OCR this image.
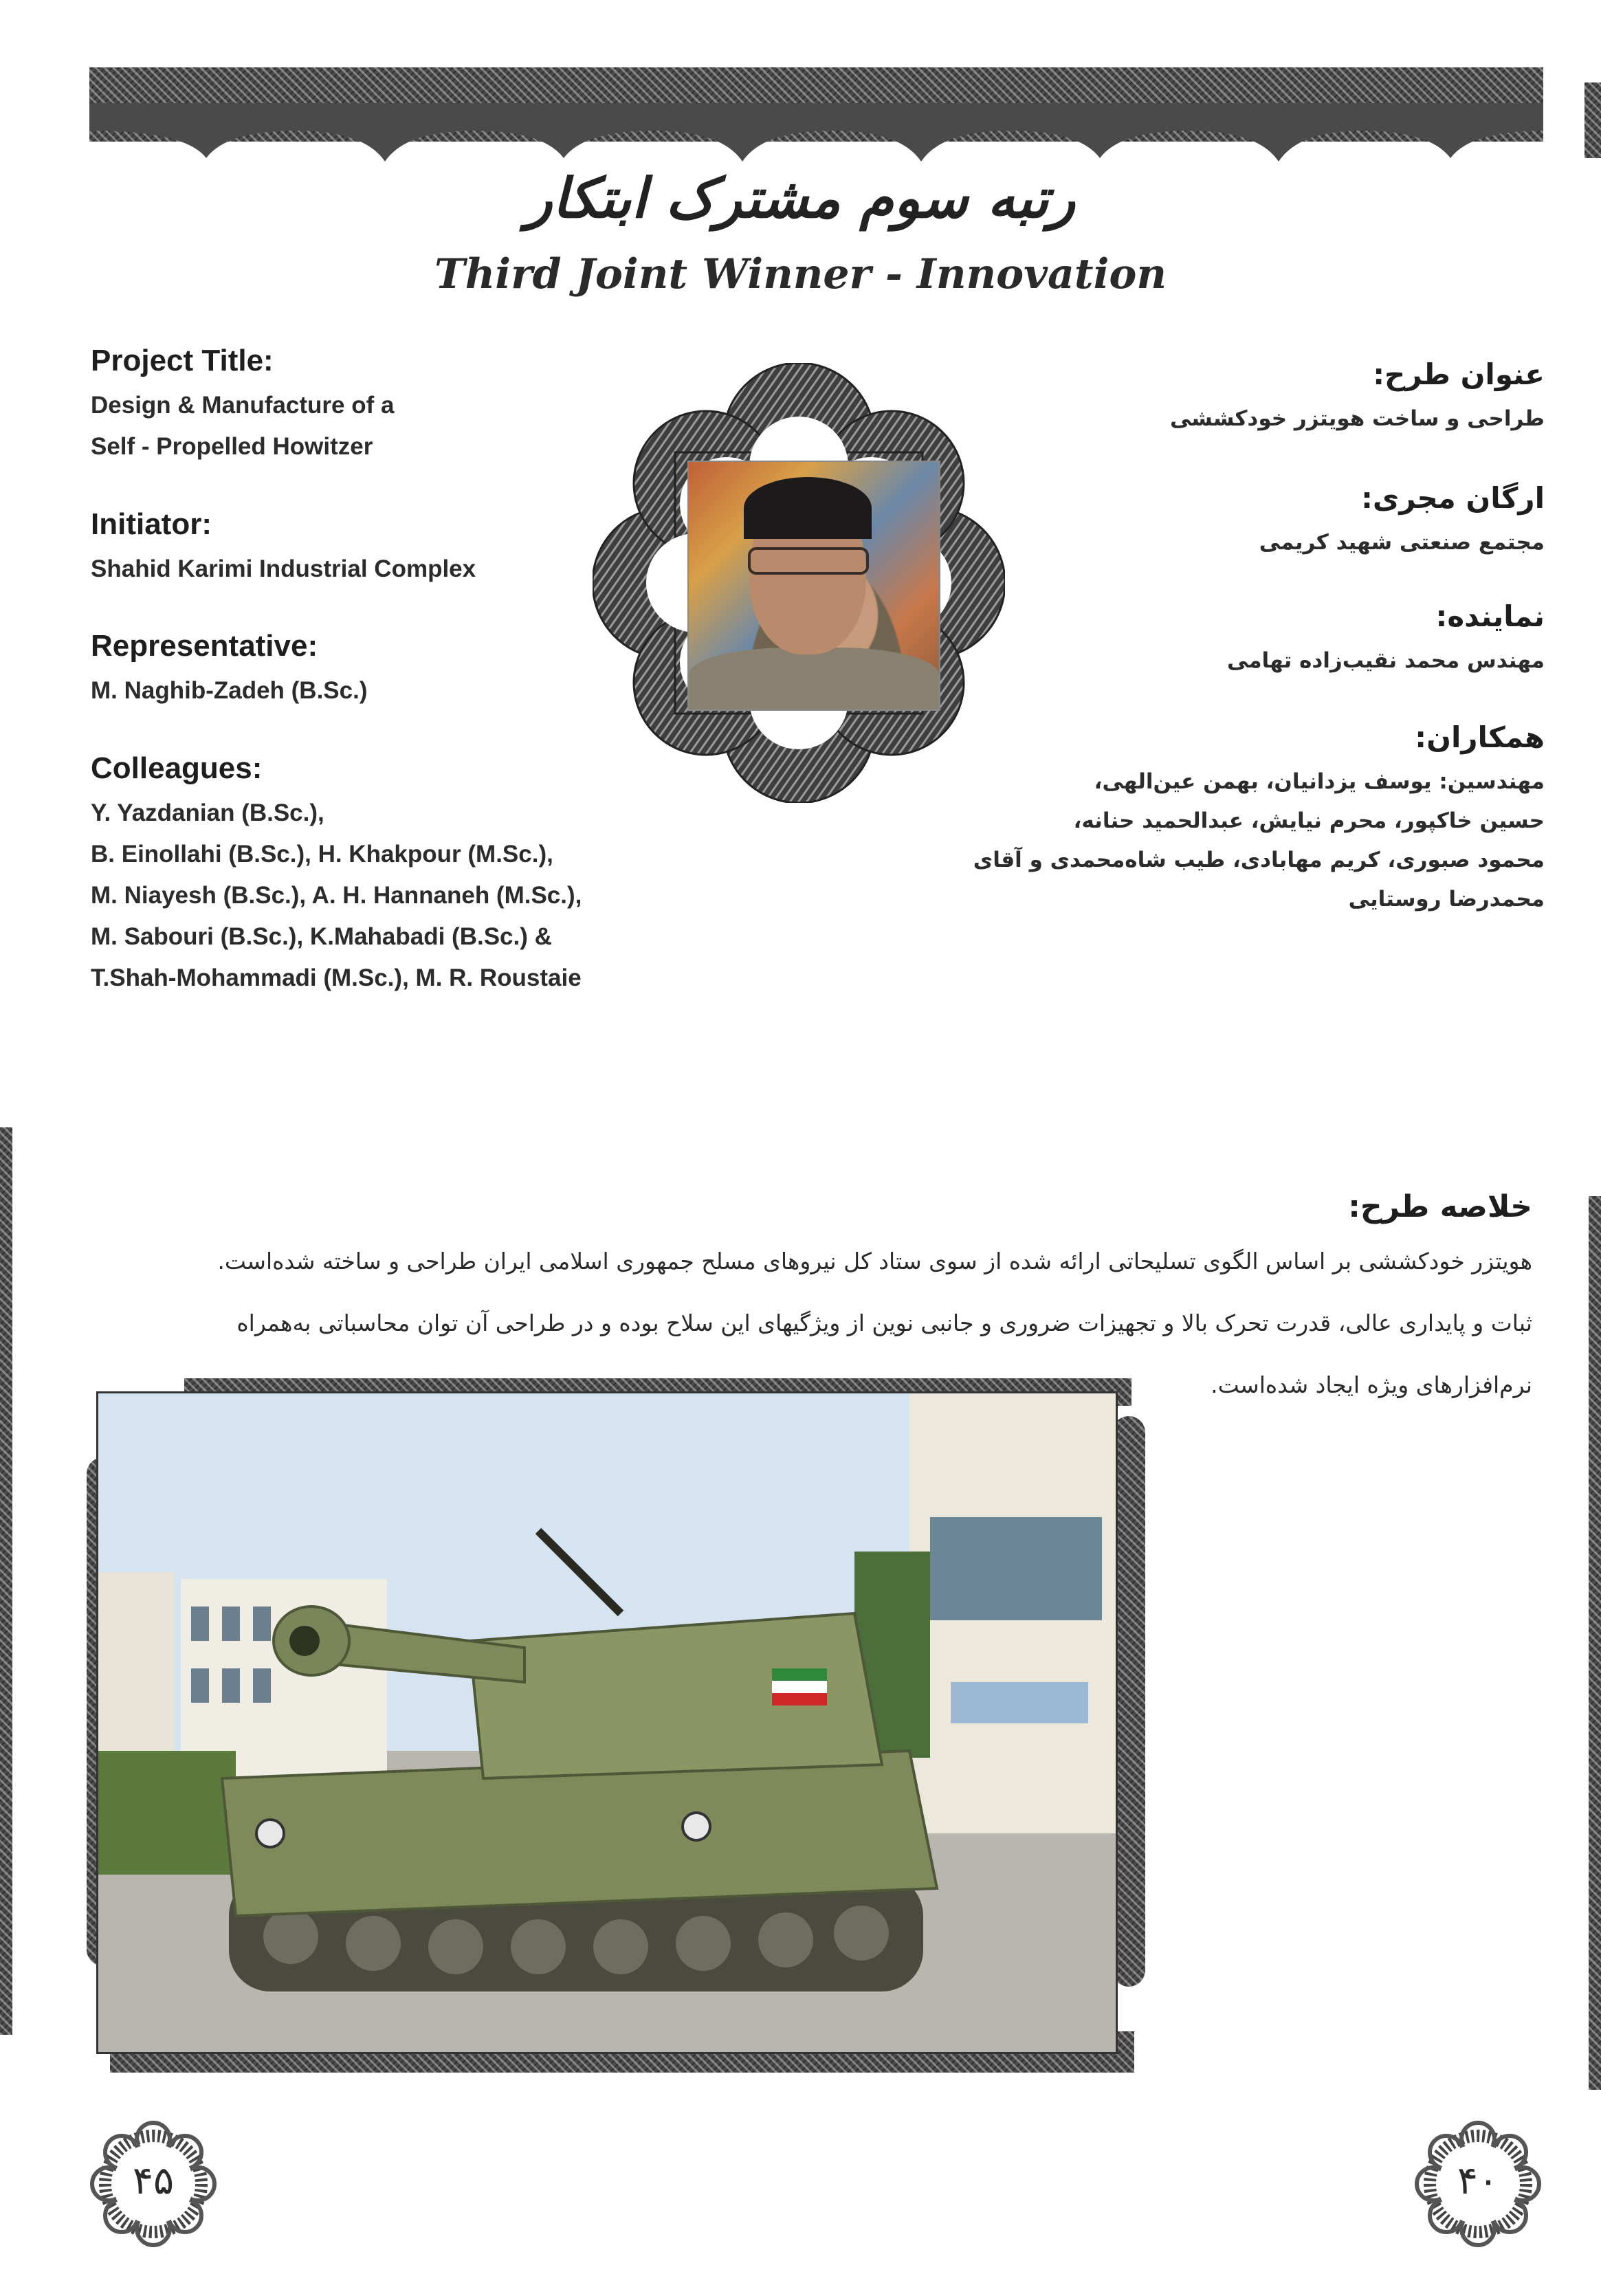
رتبه سوم مشترک ابتکار
Third Joint Winner - Innovation
Project Title:
Design & Manufacture of a
Self - Propelled Howitzer
Initiator:
Shahid Karimi Industrial Complex
Representative:
M. Naghib-Zadeh (B.Sc.)
Colleagues:
Y. Yazdanian (B.Sc.),
B. Einollahi (B.Sc.), H. Khakpour (M.Sc.),
M. Niayesh (B.Sc.), A. H. Hannaneh (M.Sc.),
M. Sabouri (B.Sc.), K.Mahabadi (B.Sc.) &
T.Shah-Mohammadi (M.Sc.), M. R. Roustaie
عنوان طرح:
طراحی و ساخت هویتزر خودکششی
ارگان مجری:
مجتمع صنعتی شهید کریمی
نماینده:
مهندس محمد نقیب‌زاده تهامی
همکاران:
مهندسین: یوسف یزدانیان، بهمن عین‌الهی،
حسین خاکپور، محرم نیایش، عبدالحمید حنانه،
محمود صبوری، کریم مهابادی، طیب شاه‌محمدی و آقای
محمدرضا روستایی
خلاصه طرح:
هویتزر خودکششی بر اساس الگوی تسلیحاتی ارائه شده از سوی ستاد کل نیروهای مسلح جمهوری اسلامی ایران طراحی و ساخته شده‌است.
ثبات و پایداری عالی، قدرت تحرک بالا و تجهیزات ضروری و جانبی نوین از ویژگیهای این سلاح بوده و در طراحی آن توان محاسباتی به‌همراه
نرم‌افزارهای ویژه ایجاد شده‌است.
۴۵	۴۰
